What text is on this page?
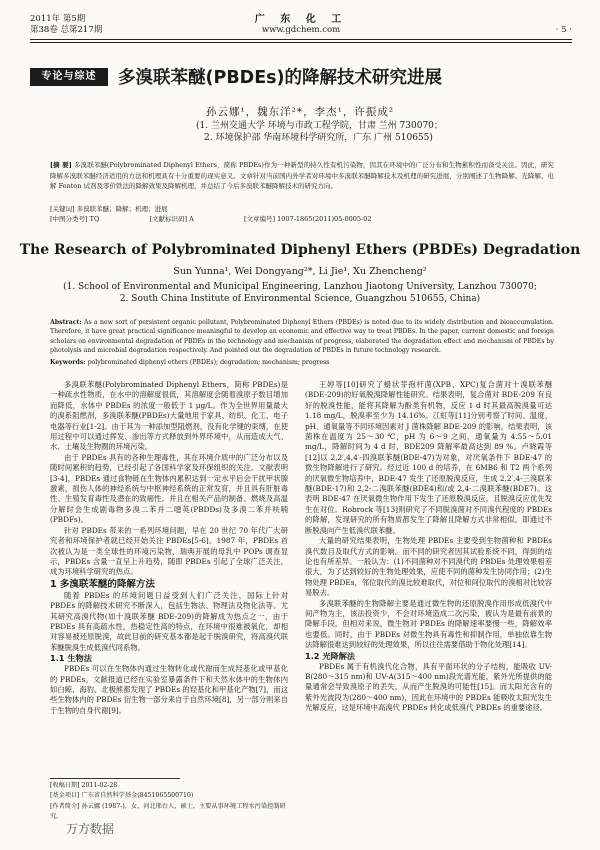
2011年 第5期
第38卷 总第217期
广 东 化 工
www.gdchem.com	· 5 ·
专论与综述	多溴联苯醚(PBDEs)的降解技术研究进展
孙云娜¹，魏东洋²*，李杰¹，许振成²
(1. 兰州交通大学 环境与市政工程学院，甘肃 兰州 730070；
2. 环境保护部 华南环境科学研究所，广东 广州 510655)
[摘 要] 多溴联苯醚(Polybrominated Diphenyl Ethers，简称 PBDEs)作为一种新型的持久性有机污染物，因其在环境中的广泛分布和生物累积性而备受关注。因此，研究降解多溴联苯醚经济适用的方法和机理具有十分重要的现实意义。文章针对当前国内外学者对环境中多溴联苯醚降解技术及机理的研究进展，分别阐述了生物降解、光降解、电解 Fenton 试剂及零价铁法的降解效果及降解机理，并总结了今后多溴联苯醚降解技术的研究方向。
[关键词] 多溴联苯醚；降解；机理；进展
[中图分类号] TQ	[文献标识码] A	[文章编号] 1007-1865(2011)05-0005-02
The Research of Polybrominated Diphenyl Ethers (PBDEs) Degradation
Sun Yunna¹, Wei Dongyang²*, Li Jie¹, Xu Zhencheng²
(1. School of Environmental and Municipal Engineering, Lanzhou Jiaotong University, Lanzhou 730070;
2. South China Institute of Environmental Science, Guangzhou 510655, China)
Abstract: As a new sort of persistent organic pollutant, Polybrominated Diphenyl Ethers (PBDEs) is noted due to its widely distribution and bioaccumulation. Therefore, it have great practical significance meaningful to develop an economic and effective way to treat PBDEs. In the paper, current domestic and foreign scholars on environmental degradation of PBDEs in the technology and mechanism of progress, elaborated the degradation effect and mechanism of PBDEs by photolysis and microbial degradation respectively. And pointed out the degradation of PBDEs in future technology research.
Keywords: polybrominated diphenyl ethers (PBDEs); degradation; mechanism; progress

多溴联苯醚(Polybrominated Diphenyl Ethers，简称 PBDEs)是一种疏水性物质，在水中的溶解度很低，其溶解度会随着溴原子数目增加而降低，水体中 PBDEs 的浓度一般低于 1 μg/L。作为全世界用量最大的溴系阻燃剂，多溴联苯醚(PBDEs)大量地用于家具、纺织、化工、电子电器等行业[1-2]。由于其为一种添加型阻燃剂，没有化学键的束缚，在使用过程中可以通过挥发、渗出等方式释放到外界环境中，从而造成大气、水、土壤及生物圈的环境污染。

由于 PBDEs 具有的各种生理毒性，其在环境介质中的广泛分布以及随时间累积的趋势，已经引起了各国科学家及环保组织的关注。文献表明[3-4]，PBDEs 通过食物链在生物体内累积达到一定水平后会干扰甲状腺激素，损伤人体的神经系统与中枢神经系统的正常发育，并且具有肝脏毒性、生殖发育毒性及潜在的致癌性。并且在相关产品的制备、燃烧及高温分解时会生成剧毒物多溴二苯并二噁英(PBDDs)及多溴二苯并呋喃(PBDFs)。

针对 PBDEs 带来的一系列环境问题，早在 20 世纪 70 年代广大研究者和环境保护者就已经开始关注 PBDEs[5-6]。1987 年，PBDEs 首次被认为是一类全球性的环境污染物，瑞典开展的母乳中 POPs 调查显示，PBDEs 含量一直呈上升趋势，随即 PBDEs 引起了全球广泛关注，成为环境科学研究的热点。

1 多溴联苯醚的降解方法

随着 PBDEs 的环境问题日益受到人们广泛关注，国际上针对 PBDEs 的降解技术研究不断深入，包括生物法、物理法及物化法等。尤其研究高溴代物(如十溴联苯醚 BDE-209)的降解成为热点之一，由于 PBDEs 具有高疏水性，热稳定性高的特点，在环境中很难被氧化，却相对容易被还原脱溴，故此目前的研究基本都是起于脱溴研究，将高溴代联苯醚脱溴生成低溴代同系物。

1.1 生物法

PBDEs 可以在生物体内通过生物转化或代谢而生成羟基化或甲基化的 PBDEs。文献报道已经在实验室暴露条件下和天然水体中的生物体内如白鲸、海豹、北极熊都发现了 PBDEs 的羟基化和甲基化产物[7]，而这些生物体内的 PBDEs 衍生物一部分来自于自然环境[8]，另一部分则来自于生物的自身代谢[9]。

王婷等[10]研究了蜡状芽孢杆菌(XPB、XPC)复合菌对十溴联苯醚(BDE-209)的好氧脱溴降解性能研究。结果表明，复合菌对 BDE-209 有良好的脱溴性能，能将其降解为酚类有机物，反应 1 d 时其最高脱溴量可达 1.18 mg/L，脱溴率至少为 14.16%。江虹等[11]分别考察了时间、温度、pH、通氧量等不同环境因素对 J 菌株降解 BDE-209 的影响，结果表明，该菌株在温度为 25～30 ℃，pH 为 6～9 之间，通氧量为 4.55～5.01 mg/L，降解时间为 4 d 时，BDE209 降解率最高达到 89 %。卢晓霞等[12]以 2,2′,4,4′-四溴联苯醚(BDE-47)为对象，对厌氧条件下 BDE-47 的微生物降解进行了研究。经过近 100 d 的培养，在 6MB6 和 T2 两个系列的厌氧微生物培养中，BDE-47 发生了还原脱溴反应，生成 2,2′,4-三溴联苯醚(BDE-17)和 2,2-二溴联苯醚(BDE4)和/或 2,4-二溴联苯醚(BDE7)。这表明 BDE-47 在厌氧微生物作用下发生了还原脱溴反应，且脱溴反应优先发生在对位。Robrock 等[13]则研究了不同脱溴菌对不同溴代程度的 PBDEs 的降解，发现研究的所有物质都发生了降解且降解方式非常相似，即通过不断脱溴向产生低溴代联苯醚。

大量的研究结果表明，生物处理 PBDEs 主要受到生物菌种和 PBDEs 溴代数目及取代方式的影响。而不同的研究者因其试验系统不同，得到的结论也有所差异。一般认为：(1)不同菌种对不同溴代的 PBDEs 处理效果相差很大，为了达到较好的生物处理效果，应使不同的菌种发生协同作用；(2)生物处理 PBDEs，邻位取代的溴比较难取代，对位和间位取代的溴相对比较容易脱去。

多溴联苯醚的生物降解主要是通过微生物的还原脱溴作用形成低溴代中间产物为主，该法投资少，不会对环境造成二次污染，被认为是最有前景的降解手段。但相对来说，微生物对 PBDEs 的降解速率要慢一些，降解效率也要低。同时，由于 PBDEs 对微生物具有毒性和抑制作用，单独依靠生物法降解很难达到较好的处理效果，所以往往需要借助于物化处理[14]。

1.2 光降解法

PBDEs 属于有机溴代化合物，具有平面环状的分子结构，能吸收 UV-B(280～315 nm)和 UV-A(315～400 nm)段光谱光能，紫外光所提供的能量通常会导致溴原子的丢失，从而产生脱溴的可能性[15]。而太阳光含有的紫外光波段为(280～400 nm)，因此在环境中的 PBDEs 能吸收太阳光发生光解反应，这是环境中高溴代 PBDEs 转化成低溴代 PBDEs 的重要途径。

[收稿日期] 2011-02-28
[基金项目] 广东省自然科学基金(8451065500710)
[作者简介] 孙云娜 (1987-)，女，河北邢台人，硕士，主要从事环境工程水污染控制研究。
万方数据
